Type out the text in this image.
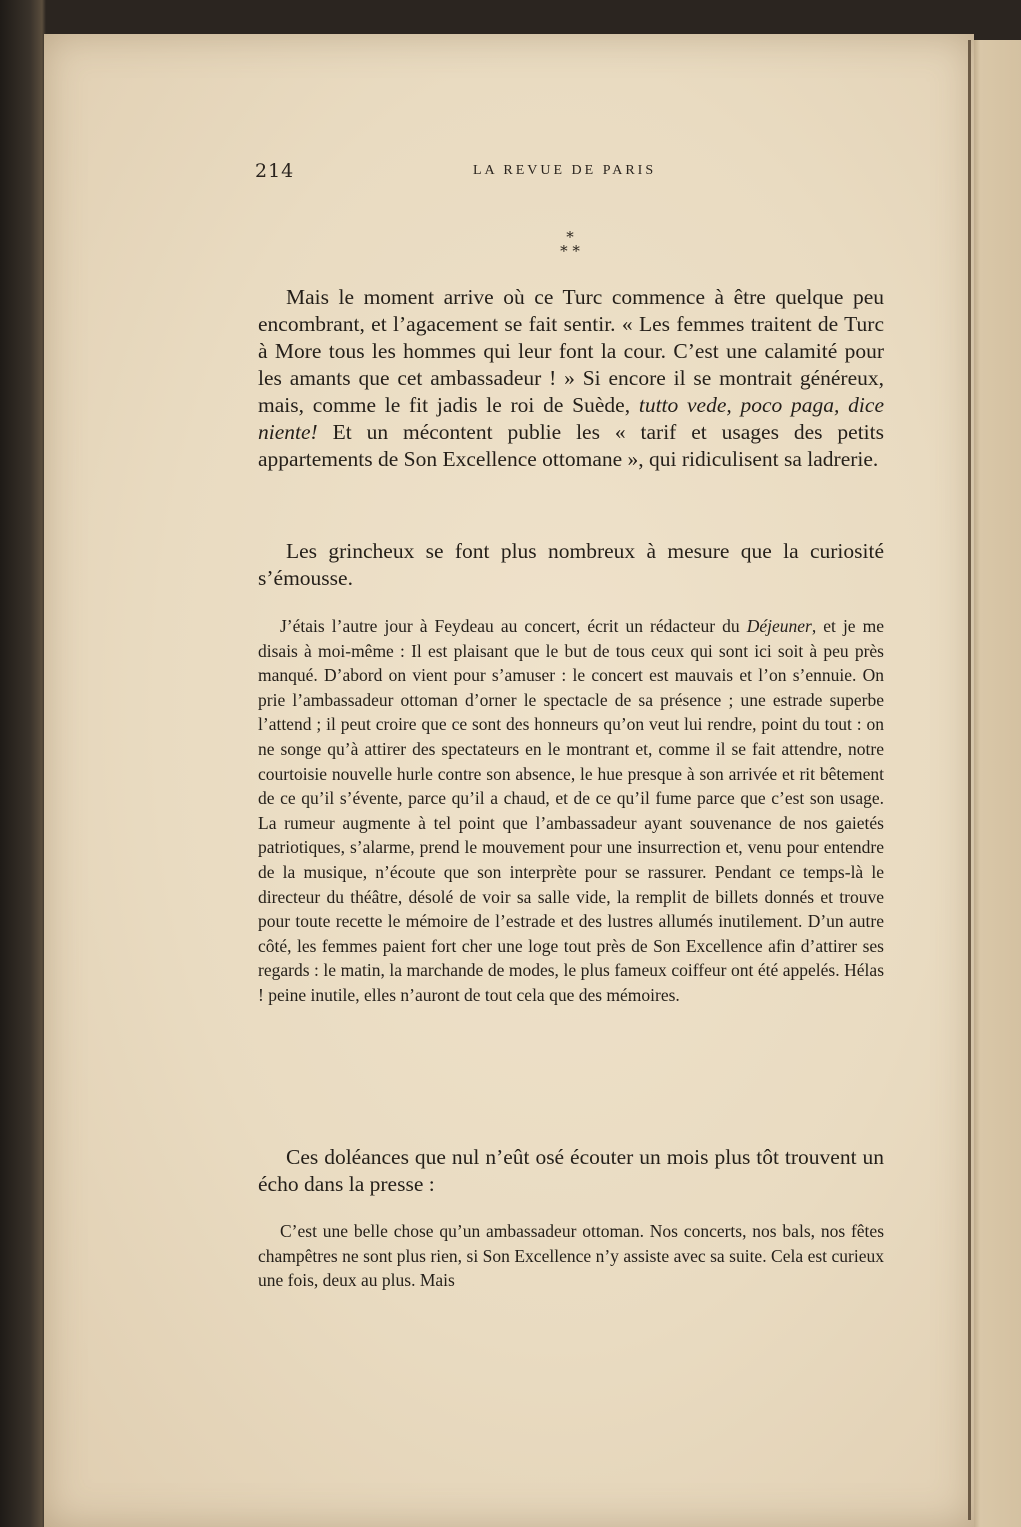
214	LA REVUE DE PARIS
*
* *

Mais le moment arrive où ce Turc commence à être quelque peu encombrant, et l’agacement se fait sentir. « Les femmes traitent de Turc à More tous les hommes qui leur font la cour. C’est une calamité pour les amants que cet ambassadeur ! » Si encore il se montrait généreux, mais, comme le fit jadis le roi de Suède, tutto vede, poco paga, dice niente! Et un mécontent publie les « tarif et usages des petits appartements de Son Excellence ottomane », qui ridiculisent sa ladrerie.

Les grincheux se font plus nombreux à mesure que la curiosité s’émousse.

J’étais l’autre jour à Feydeau au concert, écrit un rédacteur du Déjeuner, et je me disais à moi-même : Il est plaisant que le but de tous ceux qui sont ici soit à peu près manqué. D’abord on vient pour s’amuser : le concert est mauvais et l’on s’ennuie. On prie l’ambassadeur ottoman d’orner le spectacle de sa présence ; une estrade superbe l’attend ; il peut croire que ce sont des honneurs qu’on veut lui rendre, point du tout : on ne songe qu’à attirer des spectateurs en le montrant et, comme il se fait attendre, notre courtoisie nouvelle hurle contre son absence, le hue presque à son arrivée et rit bêtement de ce qu’il s’évente, parce qu’il a chaud, et de ce qu’il fume parce que c’est son usage. La rumeur augmente à tel point que l’ambassadeur ayant souvenance de nos gaietés patriotiques, s’alarme, prend le mouvement pour une insurrection et, venu pour entendre de la musique, n’écoute que son interprète pour se rassurer. Pendant ce temps-là le directeur du théâtre, désolé de voir sa salle vide, la remplit de billets donnés et trouve pour toute recette le mémoire de l’estrade et des lustres allumés inutilement. D’un autre côté, les femmes paient fort cher une loge tout près de Son Excellence afin d’attirer ses regards : le matin, la marchande de modes, le plus fameux coiffeur ont été appelés. Hélas ! peine inutile, elles n’auront de tout cela que des mémoires.

Ces doléances que nul n’eût osé écouter un mois plus tôt trouvent un écho dans la presse :

C’est une belle chose qu’un ambassadeur ottoman. Nos concerts, nos bals, nos fêtes champêtres ne sont plus rien, si Son Excellence n’y assiste avec sa suite. Cela est curieux une fois, deux au plus. Mais
